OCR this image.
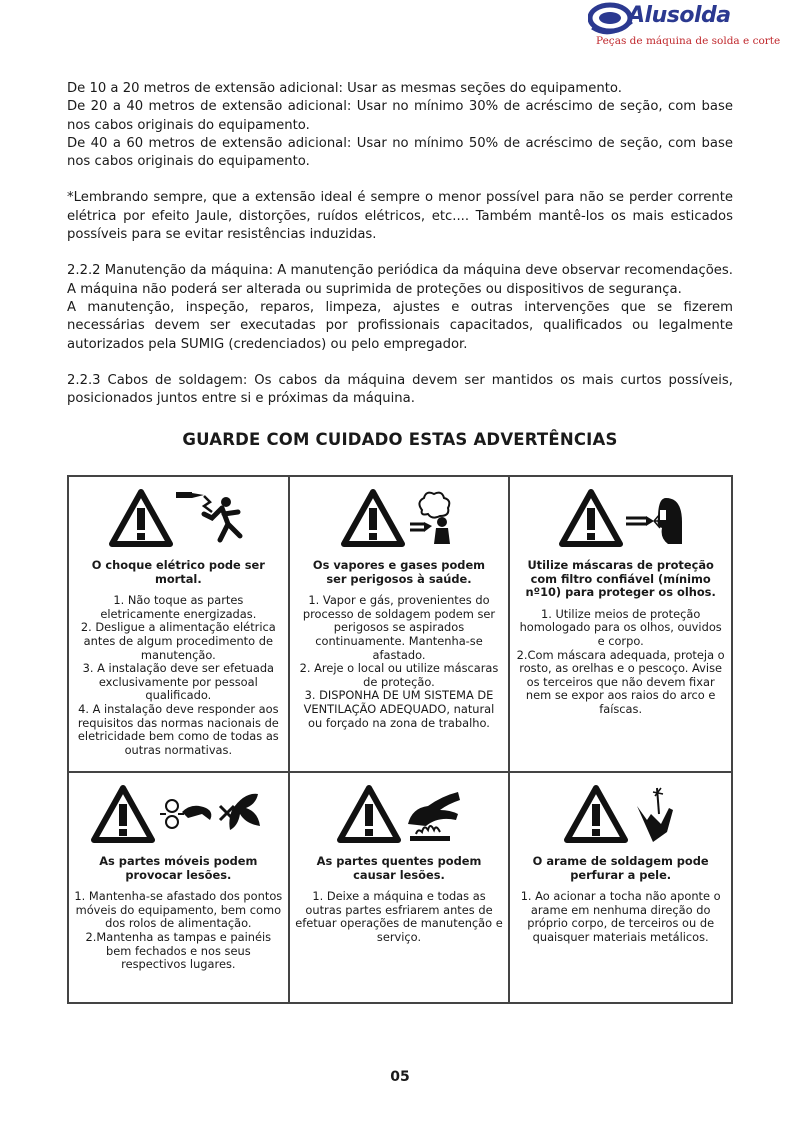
Alusolda
Peças de máquina de solda e corte

De 10 a 20 metros de extensão adicional: Usar as mesmas seções do equipamento.

De 20 a 40 metros de extensão adicional: Usar no mínimo 30% de acréscimo de seção, com base nos cabos originais do equipamento.

De 40 a 60 metros de extensão adicional: Usar no mínimo 50% de acréscimo de seção, com base nos cabos originais do equipamento.

*Lembrando sempre, que a extensão ideal é sempre o menor possível para não se perder corrente elétrica por efeito Jaule, distorções, ruídos elétricos, etc.... Também mantê-los os mais esticados possíveis para se evitar resistências induzidas.

2.2.2 Manutenção da máquina: A manutenção periódica da máquina deve observar recomendações. A máquina não poderá ser alterada ou suprimida de proteções ou dispositivos de segurança.

A manutenção, inspeção, reparos, limpeza, ajustes e outras intervenções que se fizerem necessárias devem ser executadas por profissionais capacitados, qualificados ou legalmente autorizados pela SUMIG (credenciados) ou pelo empregador.

2.2.3 Cabos de soldagem: Os cabos da máquina devem ser mantidos os mais curtos possíveis, posicionados juntos entre si e próximas da máquina.

GUARDE COM CUIDADO ESTAS ADVERTÊNCIAS
O choque elétrico pode ser mortal.
1. Não toque as partes eletricamente energizadas.
2. Desligue a alimentação elétrica antes de algum procedimento de manutenção.
3. A instalação deve ser efetuada exclusivamente por pessoal qualificado.
4. A instalação deve responder aos requisitos das normas nacionais de eletricidade bem como de todas as outras normativas.
Os vapores e gases podem ser perigosos à saúde.
1. Vapor e gás, provenientes do processo de soldagem podem ser perigosos se aspirados continuamente. Mantenha-se afastado.
2. Areje o local ou utilize máscaras de proteção.
3. DISPONHA DE UM SISTEMA DE VENTILAÇÃO ADEQUADO, natural ou forçado na zona de trabalho.
Utilize máscaras de proteção com filtro confiável (mínimo nº10) para proteger os olhos.
1. Utilize meios de proteção homologado para os olhos, ouvidos e corpo.
2.Com máscara adequada, proteja o rosto, as orelhas e o pescoço. Avise os terceiros que não devem fixar nem se expor aos raios do arco e faíscas.
As partes móveis podem provocar lesões.
1. Mantenha-se afastado dos pontos móveis do equipamento, bem como dos rolos de alimentação.
2.Mantenha as tampas e painéis bem fechados e nos seus respectivos lugares.
As partes quentes podem causar lesões.
1. Deixe a máquina e todas as outras partes esfriarem antes de efetuar operações de manutenção e serviço.
O arame de soldagem pode perfurar a pele.
1. Ao acionar a tocha não aponte o arame em nenhuma direção do próprio corpo, de terceiros ou de quaisquer materiais metálicos.
05
